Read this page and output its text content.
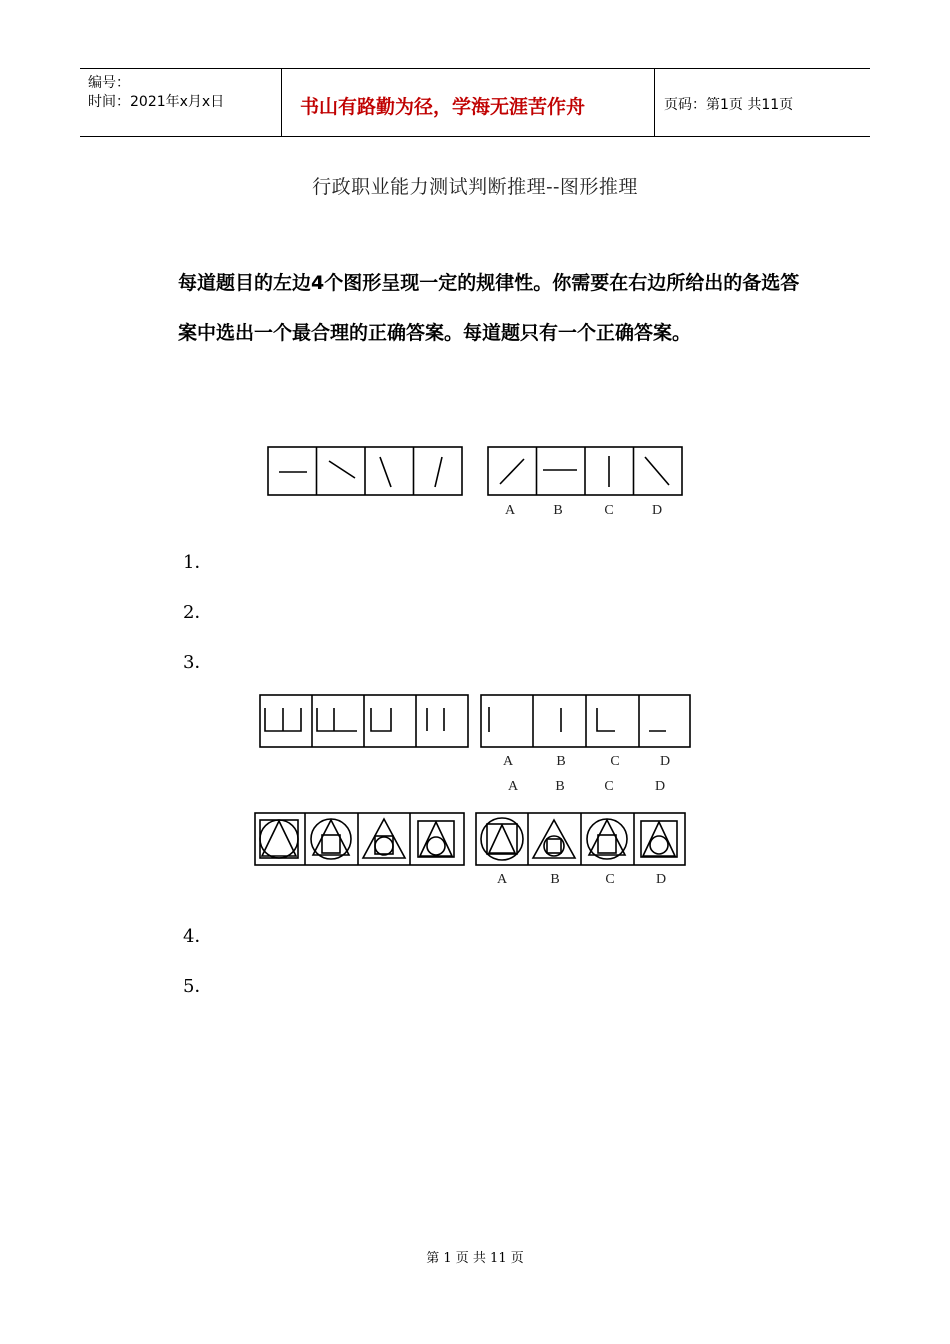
编号：
时间：2021年x月x日	书山有路勤为径，学海无涯苦作舟	页码：第1页 共11页
行政职业能力测试判断推理--图形推理
每道题目的左边4个图形呈现一定的规律性。你需要在右边所给出的备选答案中选出一个最合理的正确答案。每道题只有一个正确答案。
A	B	C	D
1．
2．
3．
A	B	C	D
A	B	C	D
A	B	C	D
4．
5．
第 1 页 共 11 页
